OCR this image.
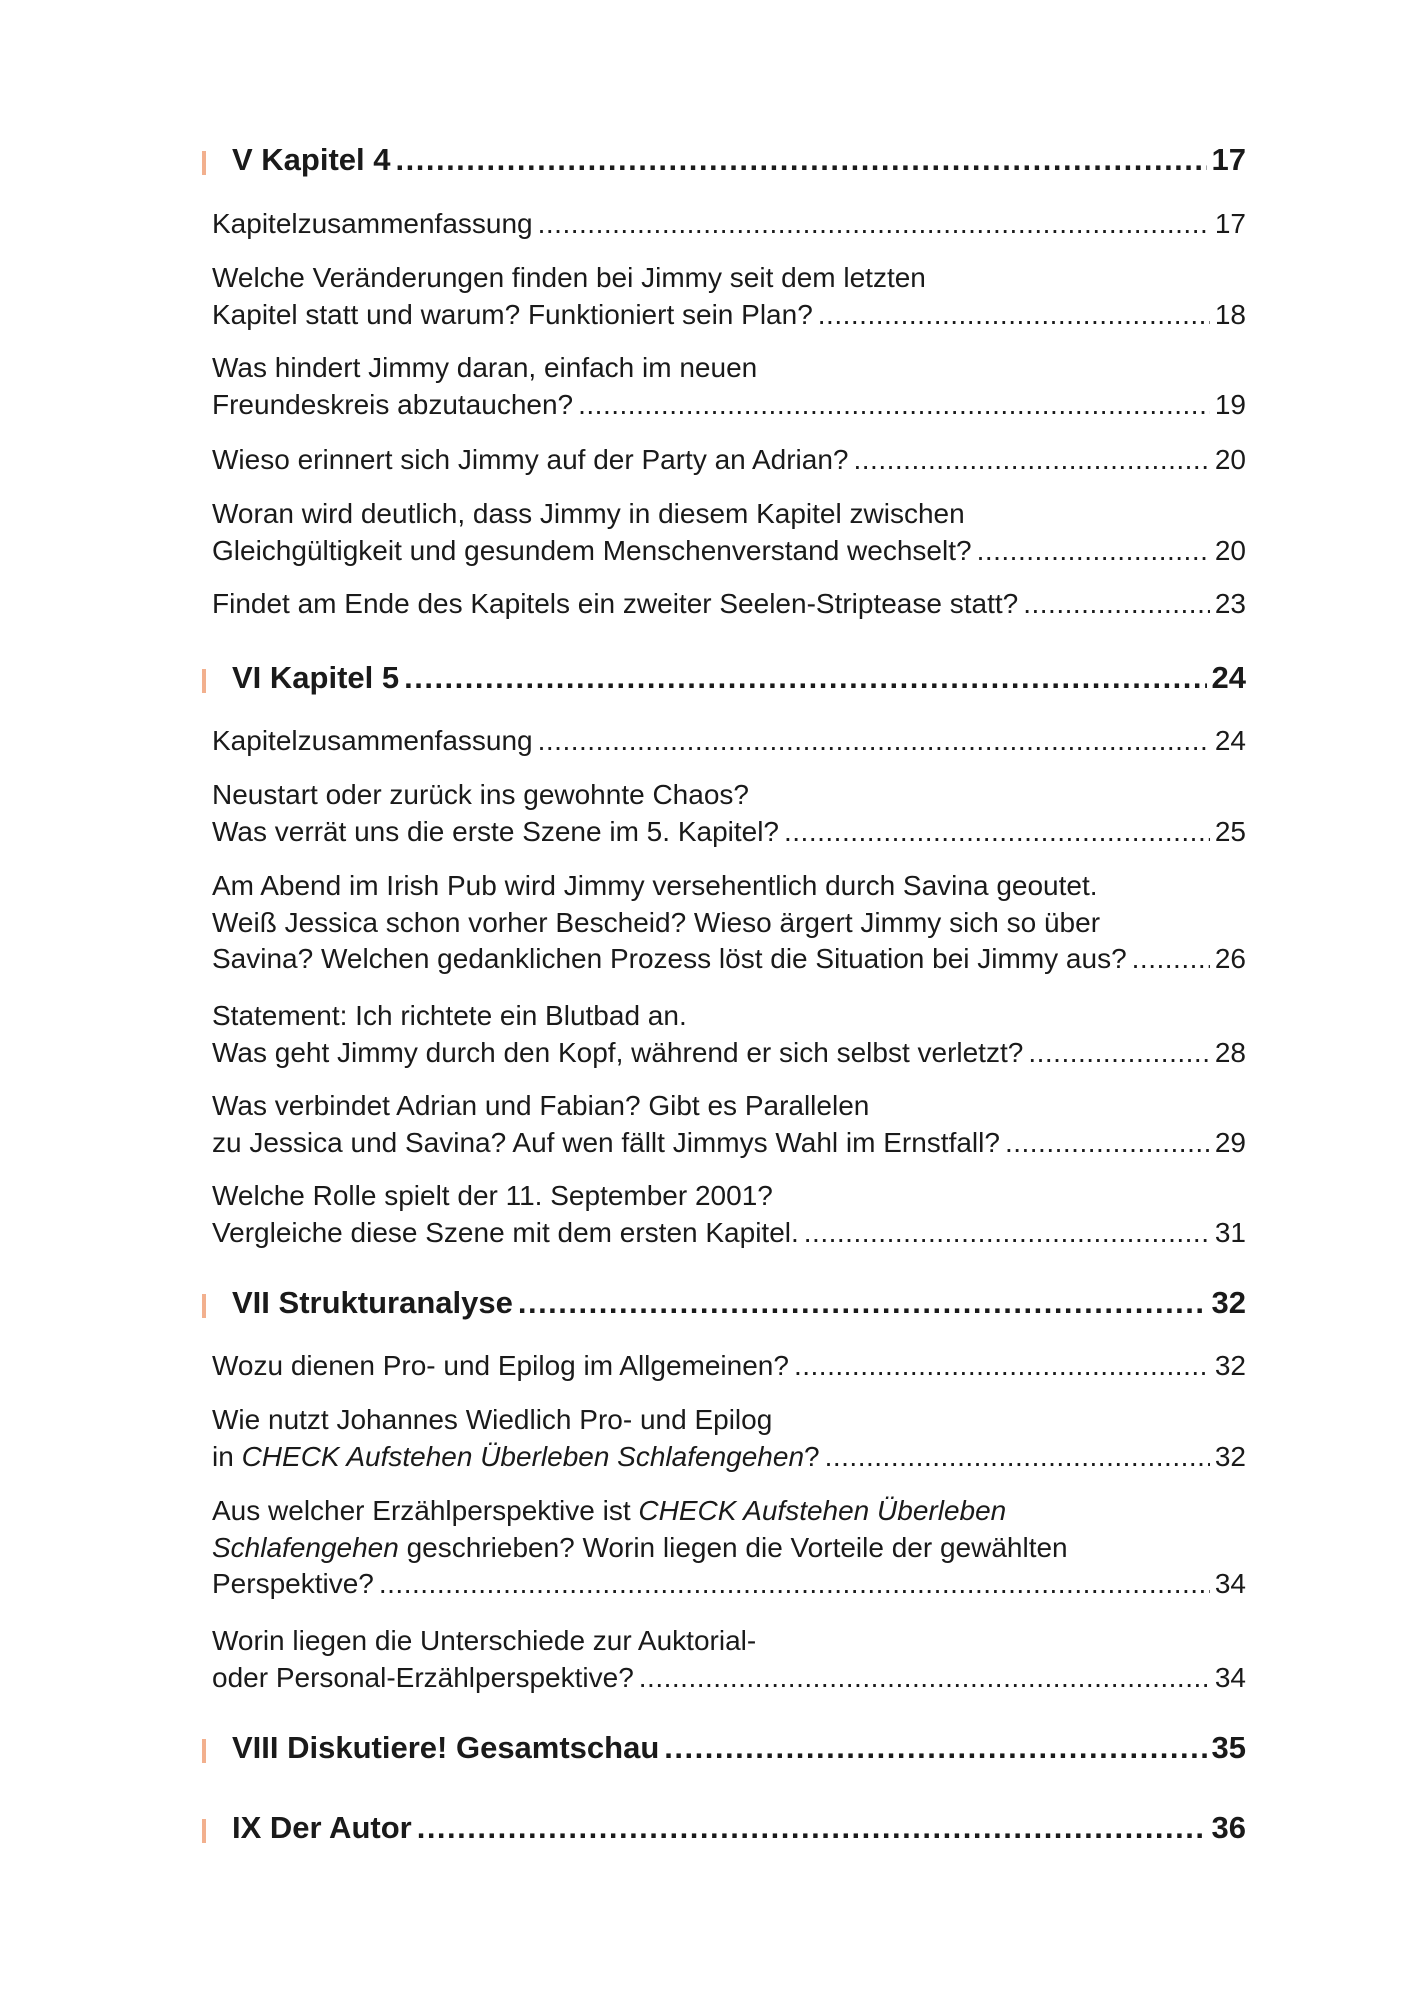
V Kapitel 4 .....	17
Kapitelzusammenfassung .....	17
Welche Veränderungen finden bei Jimmy seit dem letzten
Kapitel statt und warum? Funktioniert sein Plan? .....	18
Was hindert Jimmy daran, einfach im neuen
Freundeskreis abzutauchen? .....	19
Wieso erinnert sich Jimmy auf der Party an Adrian? .....	20
Woran wird deutlich, dass Jimmy in diesem Kapitel zwischen
Gleichgültigkeit und gesundem Menschenverstand wechselt? .....	20
Findet am Ende des Kapitels ein zweiter Seelen-Striptease statt? .....	23
VI Kapitel 5 .....	24
Kapitelzusammenfassung .....	24
Neustart oder zurück ins gewohnte Chaos?
Was verrät uns die erste Szene im 5. Kapitel? .....	25
Am Abend im Irish Pub wird Jimmy versehentlich durch Savina geoutet.
Weiß Jessica schon vorher Bescheid? Wieso ärgert Jimmy sich so über
Savina? Welchen gedanklichen Prozess löst die Situation bei Jimmy aus? .....	26
Statement: Ich richtete ein Blutbad an.
Was geht Jimmy durch den Kopf, während er sich selbst verletzt? .....	28
Was verbindet Adrian und Fabian? Gibt es Parallelen
zu Jessica und Savina? Auf wen fällt Jimmys Wahl im Ernstfall? .....	29
Welche Rolle spielt der 11. September 2001?
Vergleiche diese Szene mit dem ersten Kapitel. .....	31
VII Strukturanalyse .....	32
Wozu dienen Pro- und Epilog im Allgemeinen? .....	32
Wie nutzt Johannes Wiedlich Pro- und Epilog
in CHECK Aufstehen Überleben Schlafengehen? .....	32
Aus welcher Erzählperspektive ist CHECK Aufstehen Überleben
Schlafengehen geschrieben? Worin liegen die Vorteile der gewählten
Perspektive? .....	34
Worin liegen die Unterschiede zur Auktorial-
oder Personal-Erzählperspektive? .....	34
VIII Diskutiere! Gesamtschau .....	35
IX Der Autor .....	36
